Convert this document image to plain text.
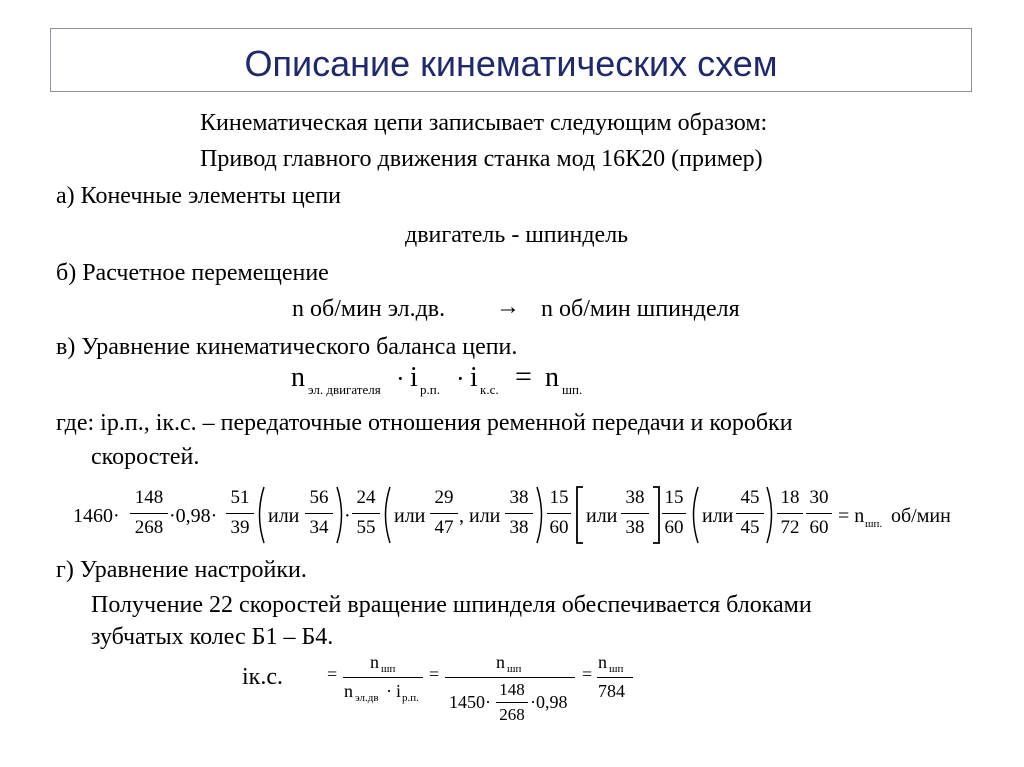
Описание кинематических схем
Кинематическая цепи записывает следующим образом:
Привод главного движения станка мод 16К20 (пример)
а) Конечные элементы цепи
двигатель - шпиндель
б) Расчетное перемещение
n об/мин эл.дв. → n об/мин шпинделя
в) Уравнение кинематического баланса цепи.
n эл. двигателя · i р.п. · i к.с. = n шп.
где: iр.п., iк.с. – передаточные отношения ременной передачи и коробки
скоростей.
1460·
148
268
·0,98·
51
39
или
56
34
·
24
55
или
29
47
, или
38
38
15
60
или
38
38
15
60
или
45
45
18
72
30
60
= n шп. об/мин
г) Уравнение настройки.
Получение 22 скоростей вращение шпинделя обеспечивается блоками
зубчатых колес Б1 – Б4.
iк.с. =
n шп
n эл.дв · i р.п.
=
n шп
1450·
148
268
·0,98
=
n шп
784
